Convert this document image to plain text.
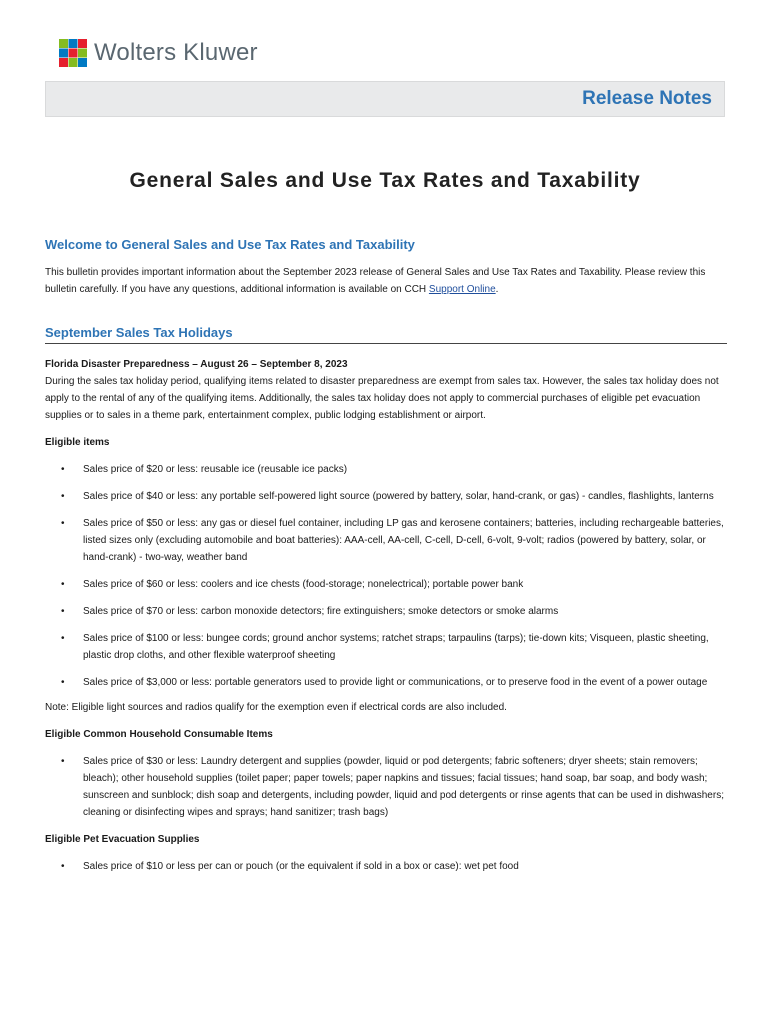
Wolters Kluwer
Release Notes
General Sales and Use Tax Rates and Taxability
Welcome to General Sales and Use Tax Rates and Taxability

This bulletin provides important information about the September 2023 release of General Sales and Use Tax Rates and Taxability. Please review this bulletin carefully. If you have any questions, additional information is available on CCH Support Online.

September Sales Tax Holidays

Florida Disaster Preparedness – August 26 – September 8, 2023

During the sales tax holiday period, qualifying items related to disaster preparedness are exempt from sales tax. However, the sales tax holiday does not apply to the rental of any of the qualifying items. Additionally, the sales tax holiday does not apply to commercial purchases of eligible pet evacuation supplies or to sales in a theme park, entertainment complex, public lodging establishment or airport.

Eligible items

• Sales price of $20 or less: reusable ice (reusable ice packs)
• Sales price of $40 or less: any portable self-powered light source (powered by battery, solar, hand-crank, or gas) - candles, flashlights, lanterns
• Sales price of $50 or less: any gas or diesel fuel container, including LP gas and kerosene containers; batteries, including rechargeable batteries, listed sizes only (excluding automobile and boat batteries): AAA-cell, AA-cell, C-cell, D-cell, 6-volt, 9-volt; radios (powered by battery, solar, or hand-crank) - two-way, weather band
• Sales price of $60 or less: coolers and ice chests (food-storage; nonelectrical); portable power bank
• Sales price of $70 or less: carbon monoxide detectors; fire extinguishers; smoke detectors or smoke alarms
• Sales price of $100 or less: bungee cords; ground anchor systems; ratchet straps; tarpaulins (tarps); tie-down kits; Visqueen, plastic sheeting, plastic drop cloths, and other flexible waterproof sheeting
• Sales price of $3,000 or less: portable generators used to provide light or communications, or to preserve food in the event of a power outage

Note: Eligible light sources and radios qualify for the exemption even if electrical cords are also included.

Eligible Common Household Consumable Items

• Sales price of $30 or less: Laundry detergent and supplies (powder, liquid or pod detergents; fabric softeners; dryer sheets; stain removers; bleach); other household supplies (toilet paper; paper towels; paper napkins and tissues; facial tissues; hand soap, bar soap, and body wash; sunscreen and sunblock; dish soap and detergents, including powder, liquid and pod detergents or rinse agents that can be used in dishwashers; cleaning or disinfecting wipes and sprays; hand sanitizer; trash bags)

Eligible Pet Evacuation Supplies

• Sales price of $10 or less per can or pouch (or the equivalent if sold in a box or case): wet pet food
